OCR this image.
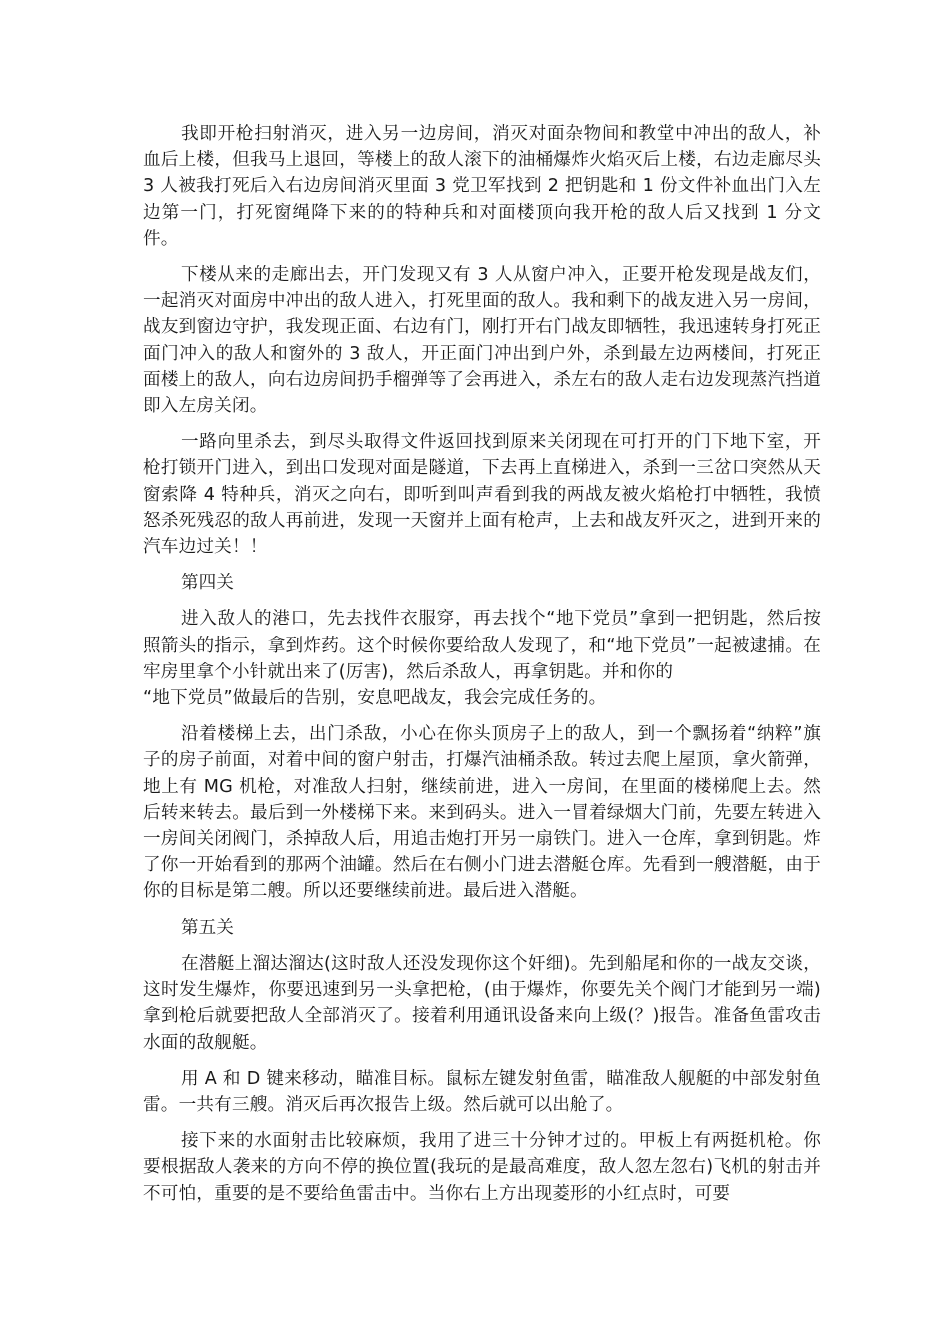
我即开枪扫射消灭，进入另一边房间，消灭对面杂物间和教堂中冲出的敌人，补血后上楼，但我马上退回，等楼上的敌人滚下的油桶爆炸火焰灭后上楼，右边走廊尽头 3 人被我打死后入右边房间消灭里面 3 党卫军找到 2 把钥匙和 1 份文件补血出门入左边第一门，打死窗绳降下来的的特种兵和对面楼顶向我开枪的敌人后又找到 1 分文件。

下楼从来的走廊出去，开门发现又有 3 人从窗户冲入，正要开枪发现是战友们，一起消灭对面房中冲出的敌人进入，打死里面的敌人。我和剩下的战友进入另一房间，战友到窗边守护，我发现正面、右边有门，刚打开右门战友即牺牲，我迅速转身打死正面门冲入的敌人和窗外的 3 敌人，开正面门冲出到户外，杀到最左边两楼间，打死正面楼上的敌人，向右边房间扔手榴弹等了会再进入，杀左右的敌人走右边发现蒸汽挡道即入左房关闭。

一路向里杀去，到尽头取得文件返回找到原来关闭现在可打开的门下地下室，开枪打锁开门进入，到出口发现对面是隧道，下去再上直梯进入，杀到一三岔口突然从天窗索降 4 特种兵，消灭之向右，即听到叫声看到我的两战友被火焰枪打中牺牲，我愤怒杀死残忍的敌人再前进，发现一天窗并上面有枪声，上去和战友歼灭之，进到开来的汽车边过关！！

第四关

进入敌人的港口，先去找件衣服穿，再去找个“地下党员”拿到一把钥匙，然后按照箭头的指示，拿到炸药。这个时候你要给敌人发现了，和“地下党员”一起被逮捕。在牢房里拿个小针就出来了(厉害)，然后杀敌人，再拿钥匙。并和你的
“地下党员”做最后的告别，安息吧战友，我会完成任务的。

沿着楼梯上去，出门杀敌，小心在你头顶房子上的敌人，到一个飘扬着“纳粹”旗子的房子前面，对着中间的窗户射击，打爆汽油桶杀敌。转过去爬上屋顶，拿火箭弹，地上有 MG 机枪，对准敌人扫射，继续前进，进入一房间，在里面的楼梯爬上去。然后转来转去。最后到一外楼梯下来。来到码头。进入一冒着绿烟大门前，先要左转进入一房间关闭阀门，杀掉敌人后，用追击炮打开另一扇铁门。进入一仓库，拿到钥匙。炸了你一开始看到的那两个油罐。然后在右侧小门进去潜艇仓库。先看到一艘潜艇，由于你的目标是第二艘。所以还要继续前进。最后进入潜艇。

第五关

在潜艇上溜达溜达(这时敌人还没发现你这个奸细)。先到船尾和你的一战友交谈，这时发生爆炸，你要迅速到另一头拿把枪，(由于爆炸，你要先关个阀门才能到另一端)拿到枪后就要把敌人全部消灭了。接着利用通讯设备来向上级(？)报告。准备鱼雷攻击水面的敌舰艇。

用 A 和 D 键来移动，瞄准目标。鼠标左键发射鱼雷，瞄准敌人舰艇的中部发射鱼雷。一共有三艘。消灭后再次报告上级。然后就可以出舱了。

接下来的水面射击比较麻烦，我用了进三十分钟才过的。甲板上有两挺机枪。你要根据敌人袭来的方向不停的换位置(我玩的是最高难度，敌人忽左忽右)飞机的射击并不可怕，重要的是不要给鱼雷击中。当你右上方出现菱形的小红点时，可要
